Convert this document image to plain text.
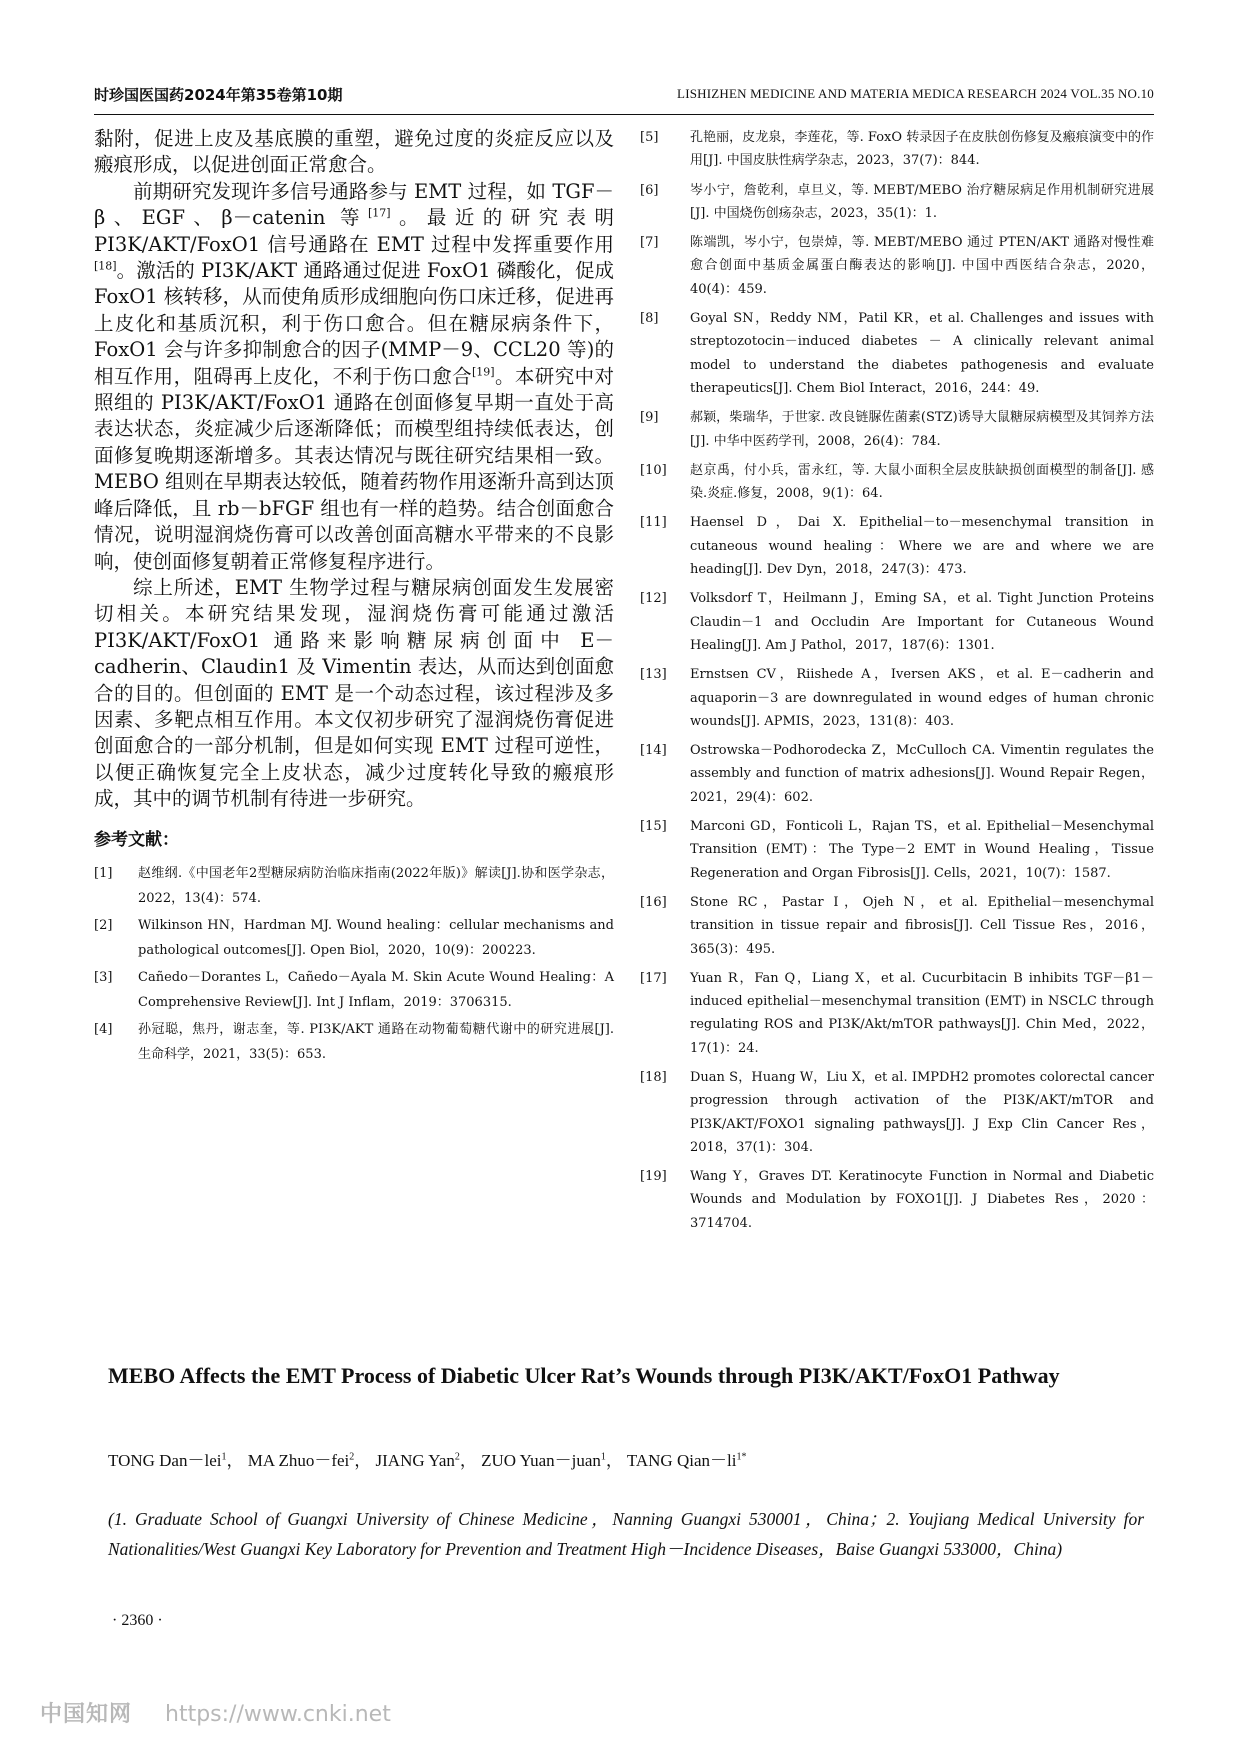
时珍国医国药2024年第35卷第10期	LISHIZHEN MEDICINE AND MATERIA MEDICA RESEARCH 2024 VOL.35 NO.10

黏附，促进上皮及基底膜的重塑，避免过度的炎症反应以及瘢痕形成，以促进创面正常愈合。

前期研究发现许多信号通路参与 EMT 过程，如 TGF－β、EGF、β－catenin 等[17]。最近的研究表明 PI3K/AKT/FoxO1 信号通路在 EMT 过程中发挥重要作用[18]。激活的 PI3K/AKT 通路通过促进 FoxO1 磷酸化，促成 FoxO1 核转移，从而使角质形成细胞向伤口床迁移，促进再上皮化和基质沉积，利于伤口愈合。但在糖尿病条件下，FoxO1 会与许多抑制愈合的因子(MMP－9、CCL20 等)的相互作用，阻碍再上皮化，不利于伤口愈合[19]。本研究中对照组的 PI3K/AKT/FoxO1 通路在创面修复早期一直处于高表达状态，炎症减少后逐渐降低；而模型组持续低表达，创面修复晚期逐渐增多。其表达情况与既往研究结果相一致。MEBO 组则在早期表达较低，随着药物作用逐渐升高到达顶峰后降低，且 rb－bFGF 组也有一样的趋势。结合创面愈合情况，说明湿润烧伤膏可以改善创面高糖水平带来的不良影响，使创面修复朝着正常修复程序进行。

综上所述，EMT 生物学过程与糖尿病创面发生发展密切相关。本研究结果发现，湿润烧伤膏可能通过激活 PI3K/AKT/FoxO1 通路来影响糖尿病创面中 E－cadherin、Claudin1 及 Vimentin 表达，从而达到创面愈合的目的。但创面的 EMT 是一个动态过程，该过程涉及多因素、多靶点相互作用。本文仅初步研究了湿润烧伤膏促进创面愈合的一部分机制，但是如何实现 EMT 过程可逆性，以便正确恢复完全上皮状态，减少过度转化导致的瘢痕形成，其中的调节机制有待进一步研究。

参考文献：
[1]	赵维纲.《中国老年2型糖尿病防治临床指南(2022年版)》解读[J].协和医学杂志，2022，13(4)：574.
[2]	Wilkinson HN，Hardman MJ. Wound healing：cellular mechanisms and pathological outcomes[J]. Open Biol，2020，10(9)：200223.
[3]	Cañedo－Dorantes L，Cañedo－Ayala M. Skin Acute Wound Healing：A Comprehensive Review[J]. Int J Inflam，2019：3706315.
[4]	孙冠聪，焦丹，谢志奎，等. PI3K/AKT 通路在动物葡萄糖代谢中的研究进展[J]. 生命科学，2021，33(5)：653.
[5]	孔艳丽，皮龙泉，李莲花，等. FoxO 转录因子在皮肤创伤修复及瘢痕演变中的作用[J]. 中国皮肤性病学杂志，2023，37(7)：844.
[6]	岑小宁，詹乾利，卓旦义，等. MEBT/MEBO 治疗糖尿病足作用机制研究进展[J]. 中国烧伤创疡杂志，2023，35(1)：1.
[7]	陈端凯，岑小宁，包崇焯，等. MEBT/MEBO 通过 PTEN/AKT 通路对慢性难愈合创面中基质金属蛋白酶表达的影响[J]. 中国中西医结合杂志，2020，40(4)：459.
[8]	Goyal SN，Reddy NM，Patil KR，et al. Challenges and issues with streptozotocin－induced diabetes － A clinically relevant animal model to understand the diabetes pathogenesis and evaluate therapeutics[J]. Chem Biol Interact，2016，244：49.
[9]	郝颖，柴瑞华，于世家. 改良链脲佐菌素(STZ)诱导大鼠糖尿病模型及其饲养方法[J]. 中华中医药学刊，2008，26(4)：784.
[10]	赵京禹，付小兵，雷永红，等. 大鼠小面积全层皮肤缺损创面模型的制备[J]. 感染.炎症.修复，2008，9(1)：64.
[11]	Haensel D，Dai X. Epithelial－to－mesenchymal transition in cutaneous wound healing：Where we are and where we are heading[J]. Dev Dyn，2018，247(3)：473.
[12]	Volksdorf T，Heilmann J，Eming SA，et al. Tight Junction Proteins Claudin－1 and Occludin Are Important for Cutaneous Wound Healing[J]. Am J Pathol，2017，187(6)：1301.
[13]	Ernstsen CV，Riishede A，Iversen AKS，et al. E－cadherin and aquaporin－3 are downregulated in wound edges of human chronic wounds[J]. APMIS，2023，131(8)：403.
[14]	Ostrowska－Podhorodecka Z，McCulloch CA. Vimentin regulates the assembly and function of matrix adhesions[J]. Wound Repair Regen，2021，29(4)：602.
[15]	Marconi GD，Fonticoli L，Rajan TS，et al. Epithelial－Mesenchymal Transition (EMT)：The Type－2 EMT in Wound Healing，Tissue Regeneration and Organ Fibrosis[J]. Cells，2021，10(7)：1587.
[16]	Stone RC，Pastar I，Ojeh N，et al. Epithelial－mesenchymal transition in tissue repair and fibrosis[J]. Cell Tissue Res，2016，365(3)：495.
[17]	Yuan R，Fan Q，Liang X，et al. Cucurbitacin B inhibits TGF－β1－induced epithelial－mesenchymal transition (EMT) in NSCLC through regulating ROS and PI3K/Akt/mTOR pathways[J]. Chin Med，2022，17(1)：24.
[18]	Duan S，Huang W，Liu X，et al. IMPDH2 promotes colorectal cancer progression through activation of the PI3K/AKT/mTOR and PI3K/AKT/FOXO1 signaling pathways[J]. J Exp Clin Cancer Res，2018，37(1)：304.
[19]	Wang Y，Graves DT. Keratinocyte Function in Normal and Diabetic Wounds and Modulation by FOXO1[J]. J Diabetes Res，2020：3714704.
MEBO Affects the EMT Process of Diabetic Ulcer Rat’s Wounds through PI3K/AKT/FoxO1 Pathway
TONG Dan－lei$^1$， MA Zhuo－fei$^2$， JIANG Yan$^2$， ZUO Yuan－juan$^1$， TANG $Qian-li^{1*}$
(1. Graduate School of Guangxi University of Chinese Medicine，Nanning Guangxi 530001，China；2. Youjiang Medical University for Nationalities/West Guangxi Key Laboratory for Prevention and Treatment High－Incidence Diseases，Baise Guangxi 533000，China)
· 2360 ·
中国知网 https://www.cnki.net
